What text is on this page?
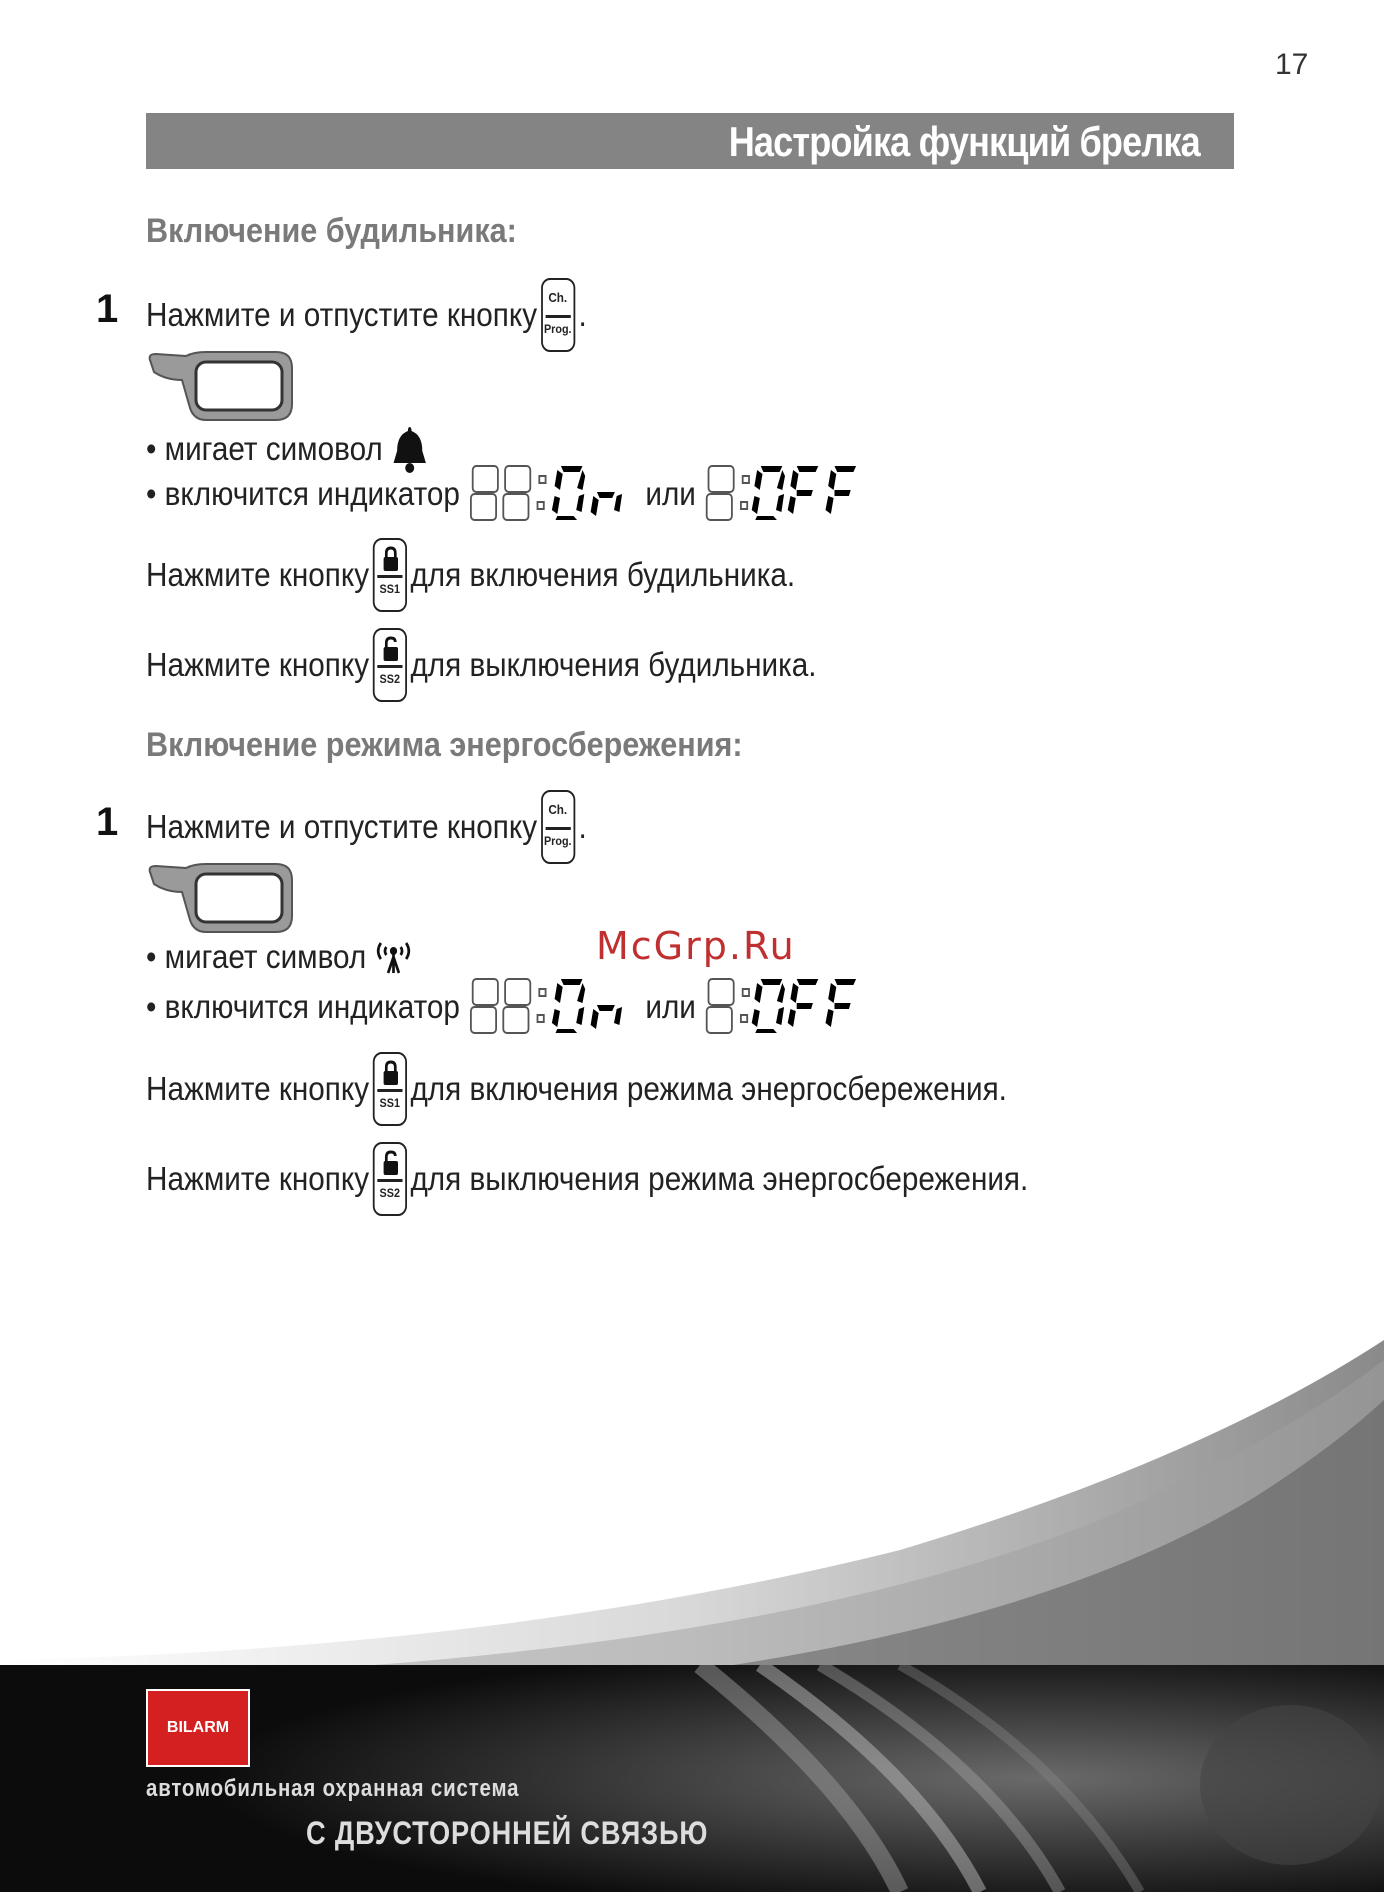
17
Настройка функций брелка
Включение будильника:
1 Нажмите и отпустите кнопку Ch.
Prog. .
• мигает симовол
• включится индикатор	или
Нажмите кнопку SS1 для включения будильника.
Нажмите кнопку SS2 для выключения будильника.
Включение режима энергосбережения:
1 Нажмите и отпустите кнопку Ch.
Prog. .
• мигает символ
• включится индикатор	или
Нажмите кнопку SS1 для включения режима энергосбережения.
Нажмите кнопку SS2 для выключения режима энергосбережения.
McGrp.Ru
BILARM
автомобильная охранная система
С ДВУСТОРОННЕЙ СВЯЗЬЮ
